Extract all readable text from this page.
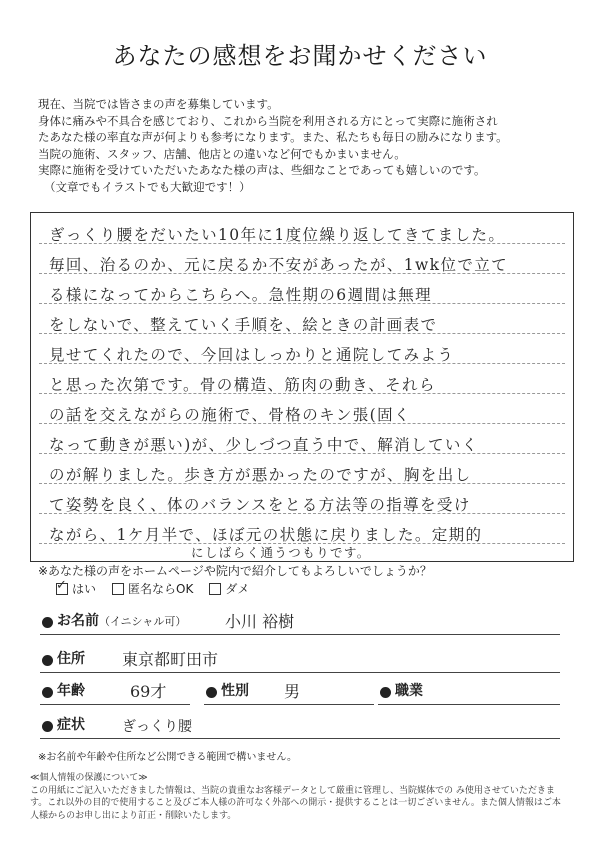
あなたの感想をお聞かせください
現在、当院では皆さまの声を募集しています。
身体に痛みや不具合を感じており、これから当院を利用される方にとって実際に施術され
たあなた様の率直な声が何よりも参考になります。また、私たちも毎日の励みになります。
当院の施術、スタッフ、店舗、他店との違いなど何でもかまいません。
実際に施術を受けていただいたあなた様の声は、些細なことであっても嬉しいのです。
（文章でもイラストでも大歓迎です！）
ぎっくり腰をだいたい10年に1度位繰り返してきてました。
毎回、治るのか、元に戻るか不安があったが、1wk位で立て
る様になってからこちらへ。急性期の6週間は無理
をしないで、整えていく手順を、絵ときの計画表で
見せてくれたので、今回はしっかりと通院してみよう
と思った次第です。骨の構造、筋肉の動き、それら
の話を交えながらの施術で、骨格のキン張(固く
なって動きが悪い)が、少しづつ直う中で、解消していく
のが解りました。歩き方が悪かったのですが、胸を出し
て姿勢を良く、体のバランスをとる方法等の指導を受け
ながら、1ケ月半で、ほぼ元の状態に戻りました。定期的
にしばらく通うつもりです。
※あなた様の声をホームページや院内で紹介してもよろしいでしょうか？
✓ はい	匿名ならOK	ダメ
お名前（イニシャル可） 小川 裕樹
住所 東京都町田市
年齢	69才	性別 男	職業
症状	ぎっくり腰
※お名前や年齢や住所など公開できる範囲で構いません。
≪個人情報の保護について≫
この用紙にご記入いただきました情報は、当院の貴重なお客様データとして厳重に管理し、当院媒体での み使用させていただきま
す。これ以外の目的で使用すること及びご本人様の許可なく外部への開示・提供することは一切ございません。また個人情報はご本
人様からのお申し出により訂正・削除いたします。
